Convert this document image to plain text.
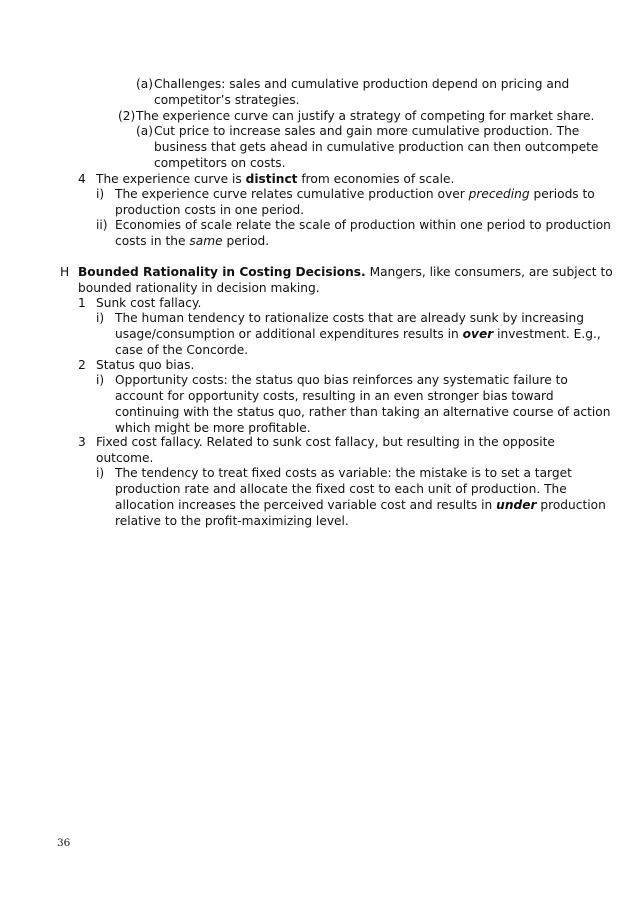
(a) Challenges: sales and cumulative production depend on pricing and
competitor’s strategies.
(2) The experience curve can justify a strategy of competing for market share.
(a) Cut price to increase sales and gain more cumulative production. The
business that gets ahead in cumulative production can then outcompete
competitors on costs.
4 The experience curve is distinct from economies of scale.
i) The experience curve relates cumulative production over preceding periods to
production costs in one period.
ii) Economies of scale relate the scale of production within one period to production
costs in the same period.
H Bounded Rationality in Costing Decisions. Mangers, like consumers, are subject to
bounded rationality in decision making.
1 Sunk cost fallacy.
i) The human tendency to rationalize costs that are already sunk by increasing
usage/consumption or additional expenditures results in over investment. E.g.,
case of the Concorde.
2 Status quo bias.
i) Opportunity costs: the status quo bias reinforces any systematic failure to
account for opportunity costs, resulting in an even stronger bias toward
continuing with the status quo, rather than taking an alternative course of action
which might be more profitable.
3 Fixed cost fallacy. Related to sunk cost fallacy, but resulting in the opposite
outcome.
i) The tendency to treat fixed costs as variable: the mistake is to set a target
production rate and allocate the fixed cost to each unit of production. The
allocation increases the perceived variable cost and results in under production
relative to the profit-maximizing level.
36
